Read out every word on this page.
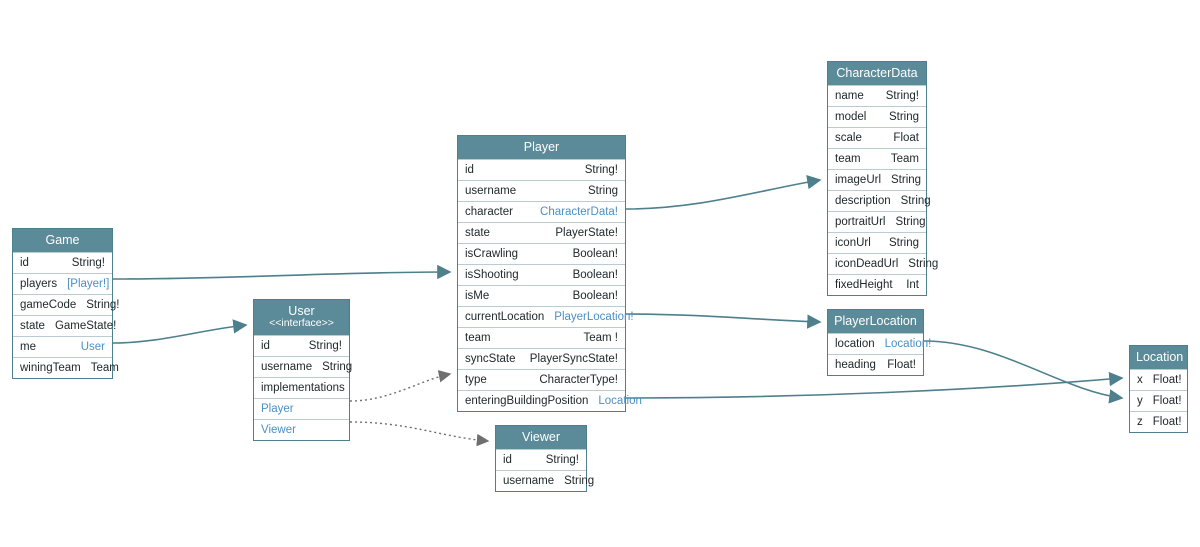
Game
id	String!
players [Player!]
gameCode String!
state GameState!
me	User
winingTeam Team
User
<<interface>>
id	String!
username String
implementations
Player
Viewer
Player
id	String!
username	String
character	CharacterData!
state	PlayerState!
isCrawling	Boolean!
isShooting	Boolean!
isMe	Boolean!
currentLocation PlayerLocation!
team	Team !
syncState	PlayerSyncState!
type	CharacterType!
enteringBuildingPosition Location
Viewer
id	String!
username String
CharacterData
name	String!
model	String
scale	Float
team	Team
imageUrl String
description String
portraitUrl String
iconUrl	String
iconDeadUrl String
fixedHeight	Int
PlayerLocation
location Location!
heading Float!
Location
x Float!
y Float!
z Float!
